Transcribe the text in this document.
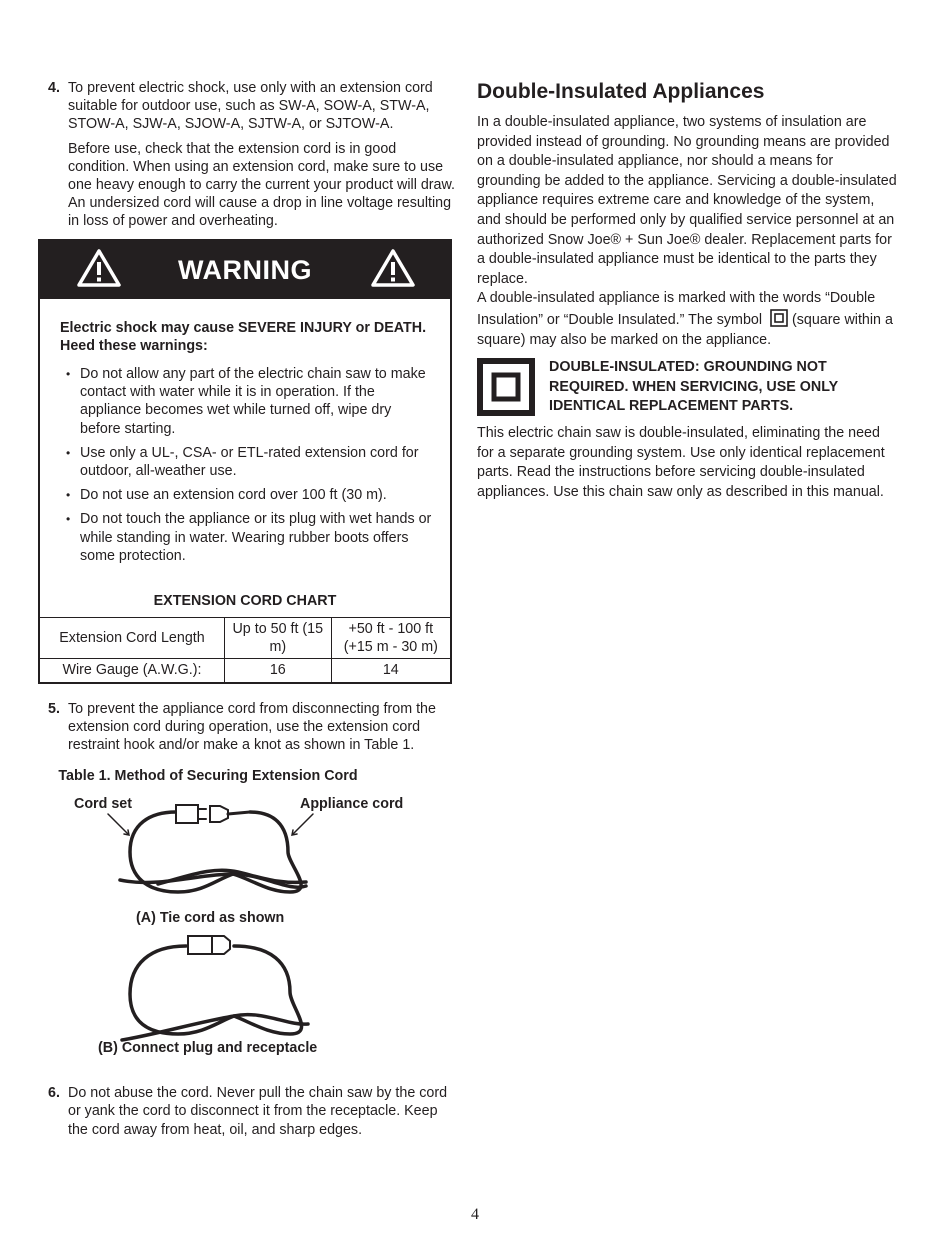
4. To prevent electric shock, use only with an extension cord suitable for outdoor use, such as SW-A, SOW-A, STW-A, STOW-A, SJW-A, SJOW-A, SJTW-A, or SJTOW-A.

Before use, check that the extension cord is in good condition. When using an extension cord, make sure to use one heavy enough to carry the current your product will draw. An undersized cord will cause a drop in line voltage resulting in loss of power and overheating.

WARNING

Electric shock may cause SEVERE INJURY or DEATH. Heed these warnings:

• Do not allow any part of the electric chain saw to make contact with water while it is in operation. If the appliance becomes wet while turned off, wipe dry before starting.
• Use only a UL-, CSA- or ETL-rated extension cord for outdoor, all-weather use.
• Do not use an extension cord over 100 ft (30 m).
• Do not touch the appliance or its plug with wet hands or while standing in water. Wearing rubber boots offers some protection.
EXTENSION CORD CHART
Extension Cord Length	Up to 50 ft (15 m)	+50 ft - 100 ft (+15 m - 30 m)
Wire Gauge (A.W.G.):	16	14
5. To prevent the appliance cord from disconnecting from the extension cord during operation, use the extension cord restraint hook and/or make a knot as shown in Table 1.

Table 1. Method of Securing Extension Cord
Cord set	Appliance cord
(A) Tie cord as shown
(B) Connect plug and receptacle
6. Do not abuse the cord. Never pull the chain saw by the cord or yank the cord to disconnect it from the receptacle. Keep the cord away from heat, oil, and sharp edges.

Double-Insulated Appliances

In a double-insulated appliance, two systems of insulation are provided instead of grounding. No grounding means are provided on a double-insulated appliance, nor should a means for grounding be added to the appliance. Servicing a double-insulated appliance requires extreme care and knowledge of the system, and should be performed only by qualified service personnel at an authorized Snow Joe® + Sun Joe® dealer. Replacement parts for a double-insulated appliance must be identical to the parts they replace.

A double-insulated appliance is marked with the words “Double Insulation” or “Double Insulated.” The symbol (square within a square) may also be marked on the appliance.

DOUBLE-INSULATED: GROUNDING NOT REQUIRED. WHEN SERVICING, USE ONLY IDENTICAL REPLACEMENT PARTS.

This electric chain saw is double-insulated, eliminating the need for a separate grounding system. Use only identical replacement parts. Read the instructions before servicing double-insulated appliances. Use this chain saw only as described in this manual.

4
